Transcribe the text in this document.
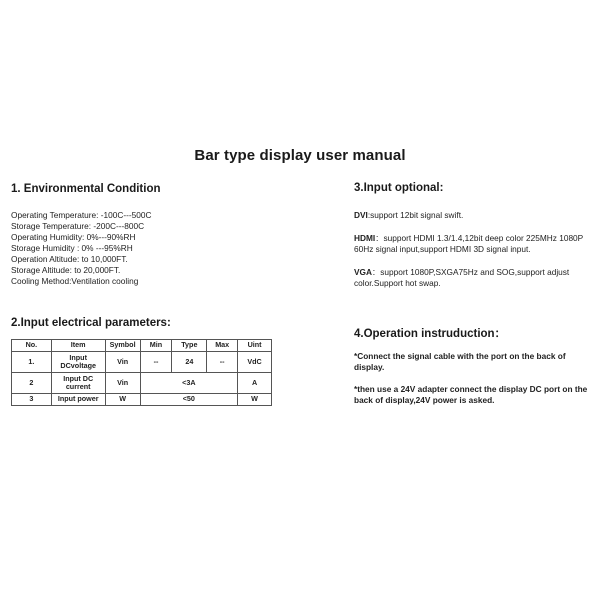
Bar type display user manual
1. Environmental Condition
Operating Temperature: -100C---500C
Storage Temperature: -200C---800C
Operating Humidity: 0%---90%RH
Storage Humidity : 0% ---95%RH
Operation Altitude: to 10,000FT.
Storage Altitude: to 20,000FT.
Cooling Method:Ventilation cooling
2.Input electrical parameters:
No.	Item	Symbol	Min	Type	Max	Uint
1.	Input DCvoltage	Vin	--	24	--	VdC
2	Input DC current	Vin	<3A			A
3	Input power	W	<50			W
3.Input optional:
DVI:support 12bit signal swift.
HDMI：support HDMI 1.3/1.4,12bit deep color 225MHz 1080P 60Hz signal input,support HDMI 3D signal input.
VGA：support 1080P,SXGA75Hz and SOG,support adjust color.Support hot swap.
4.Operation instruduction：
*Connect the signal cable with the port on the back of display.
*then use a 24V adapter connect the display DC port on the back of display,24V power is asked.
